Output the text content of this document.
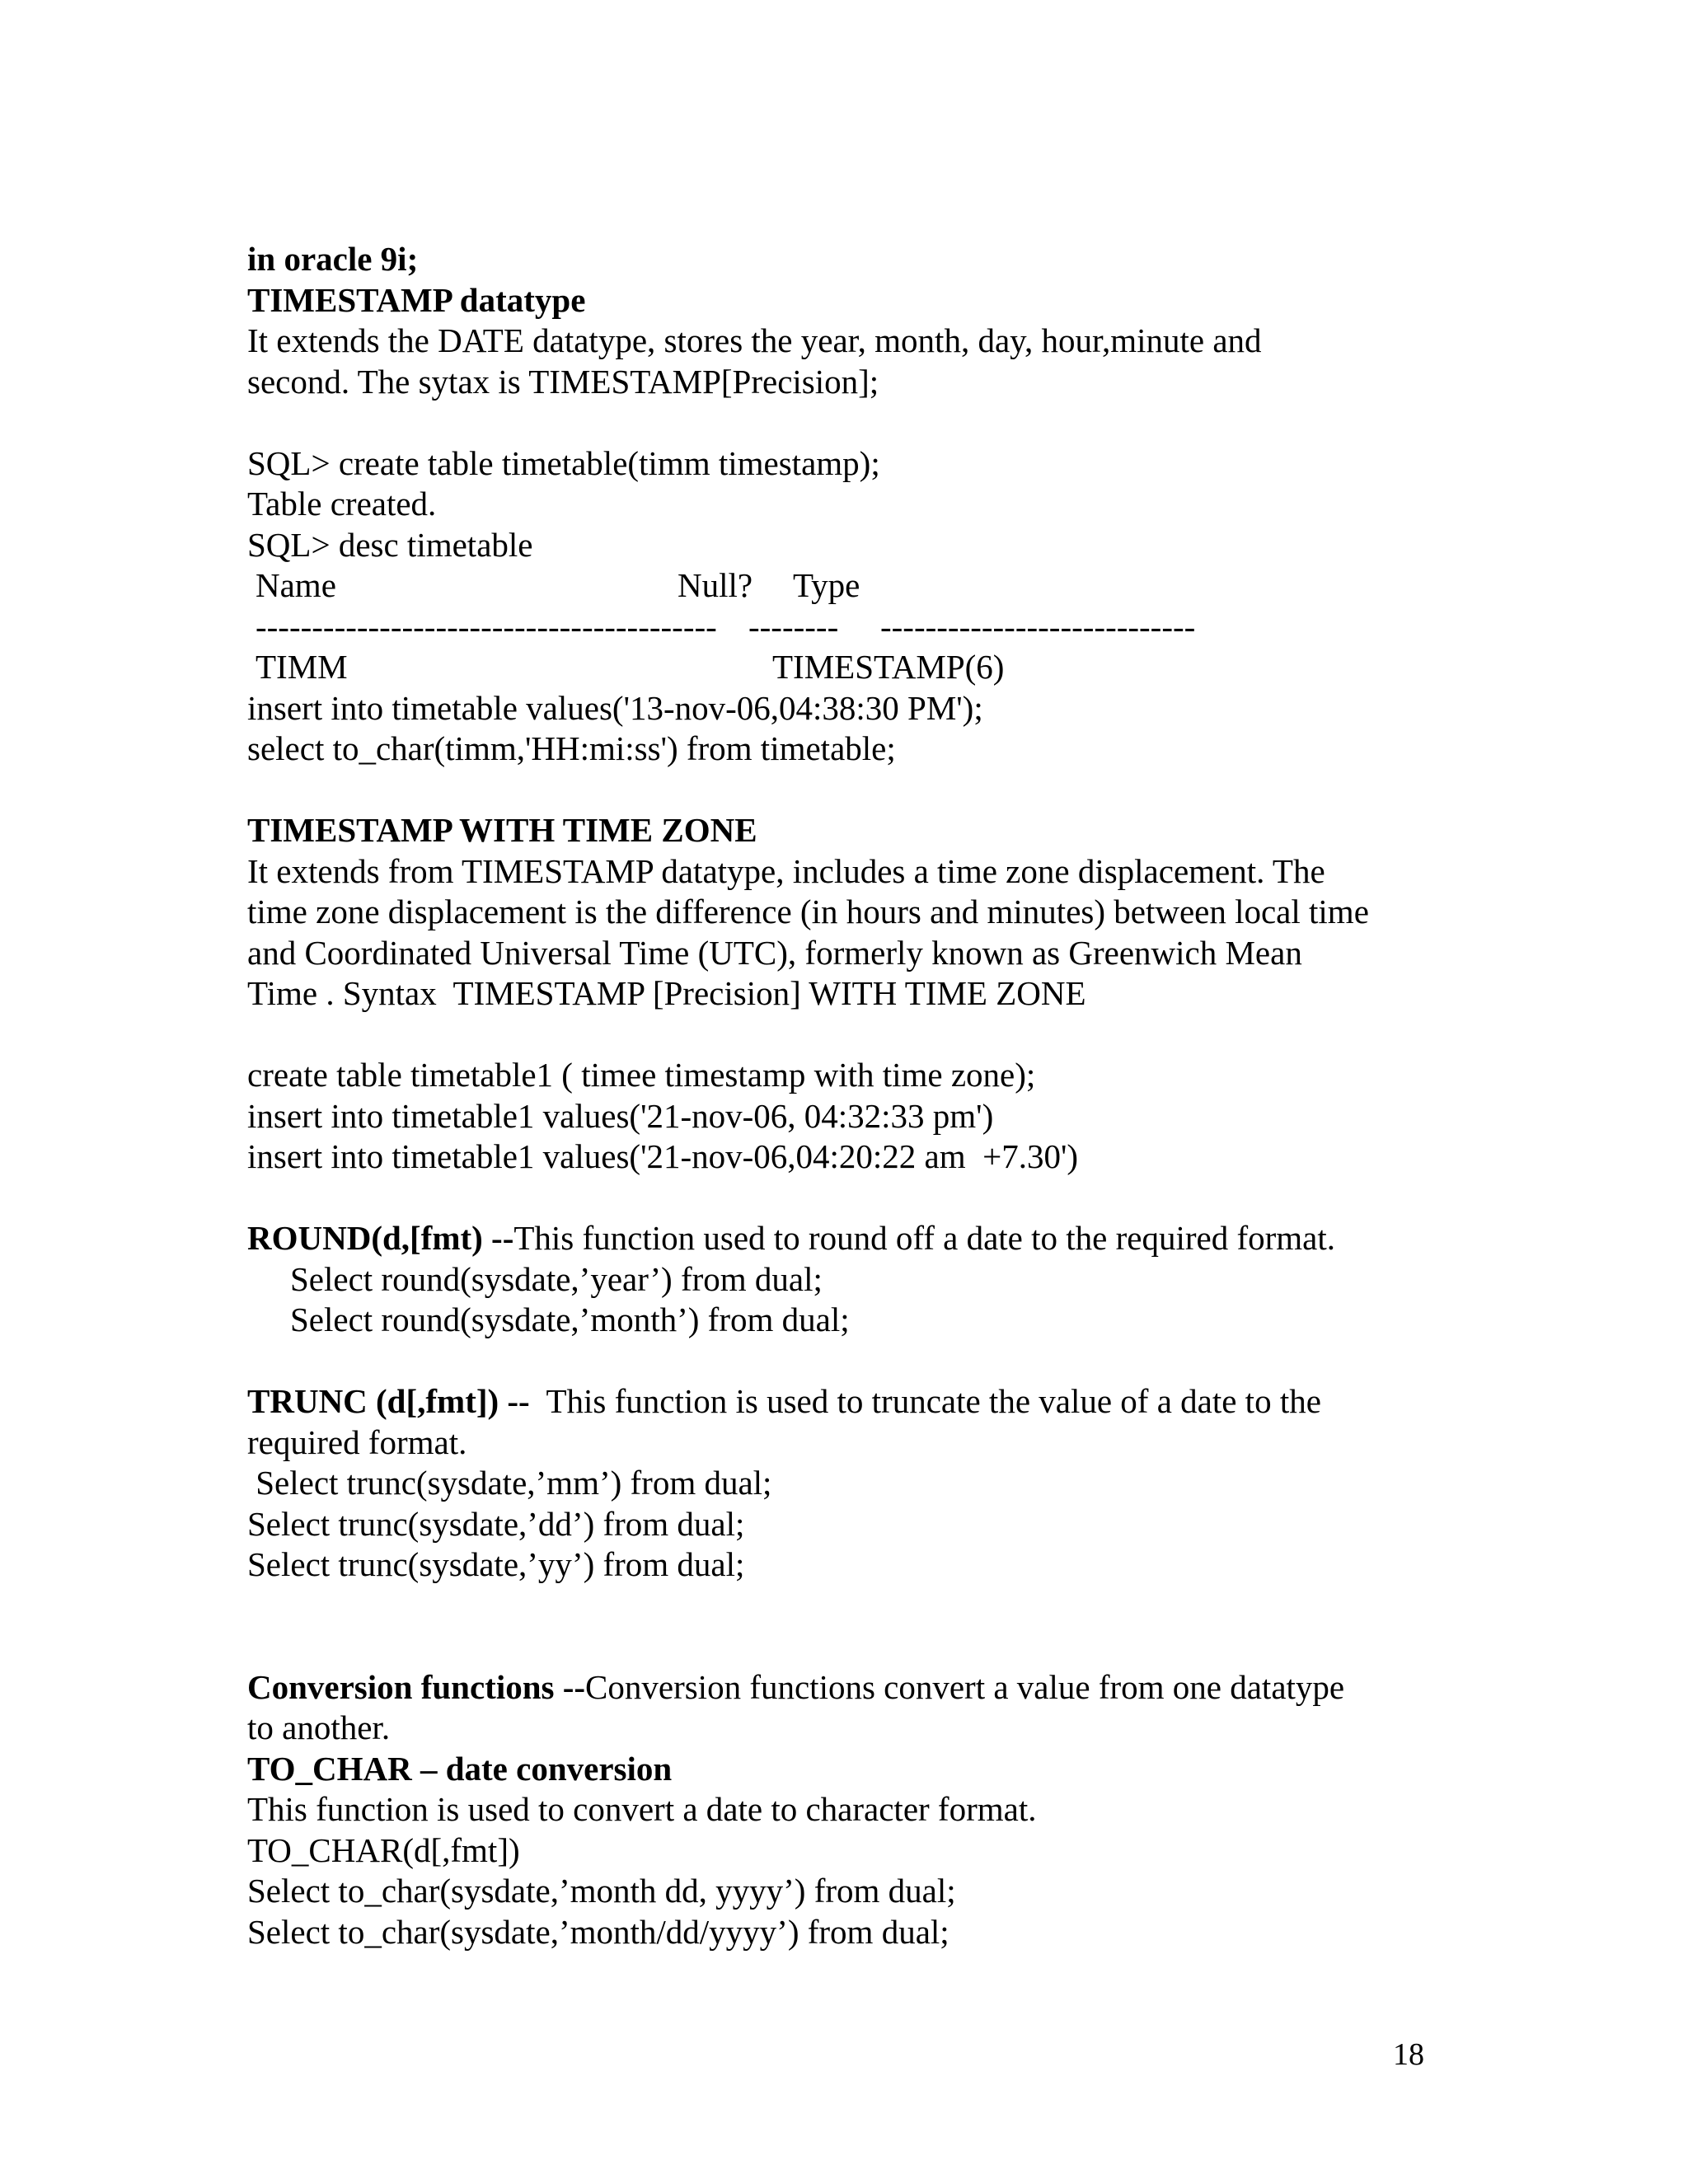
in oracle 9i;
TIMESTAMP datatype
It extends the DATE datatype, stores the year, month, day, hour,minute and
second. The sytax is TIMESTAMP[Precision];
SQL> create table timetable(timm timestamp);
Table created.
SQL> desc timetable
Name	Null? Type
----------------------------------------- -------- ----------------------------
TIMM	TIMESTAMP(6)
insert into timetable values('13-nov-06,04:38:30 PM');
select to_char(timm,'HH:mi:ss') from timetable;
TIMESTAMP WITH TIME ZONE
It extends from TIMESTAMP datatype, includes a time zone displacement. The
time zone displacement is the difference (in hours and minutes) between local time
and Coordinated Universal Time (UTC), formerly known as Greenwich Mean
Time . Syntax  TIMESTAMP [Precision] WITH TIME ZONE
create table timetable1 ( timee timestamp with time zone);
insert into timetable1 values('21-nov-06, 04:32:33 pm')
insert into timetable1 values('21-nov-06,04:20:22 am  +7.30')
ROUND(d,[fmt) --This function used to round off a date to the required format.
Select round(sysdate,’year’) from dual;
Select round(sysdate,’month’) from dual;
TRUNC (d[,fmt]) --  This function is used to truncate the value of a date to the
required format.
Select trunc(sysdate,’mm’) from dual;
Select trunc(sysdate,’dd’) from dual;
Select trunc(sysdate,’yy’) from dual;
Conversion functions --Conversion functions convert a value from one datatype
to another.
TO_CHAR – date conversion
This function is used to convert a date to character format.
TO_CHAR(d[,fmt])
Select to_char(sysdate,’month dd, yyyy’) from dual;
Select to_char(sysdate,’month/dd/yyyy’) from dual;
18
